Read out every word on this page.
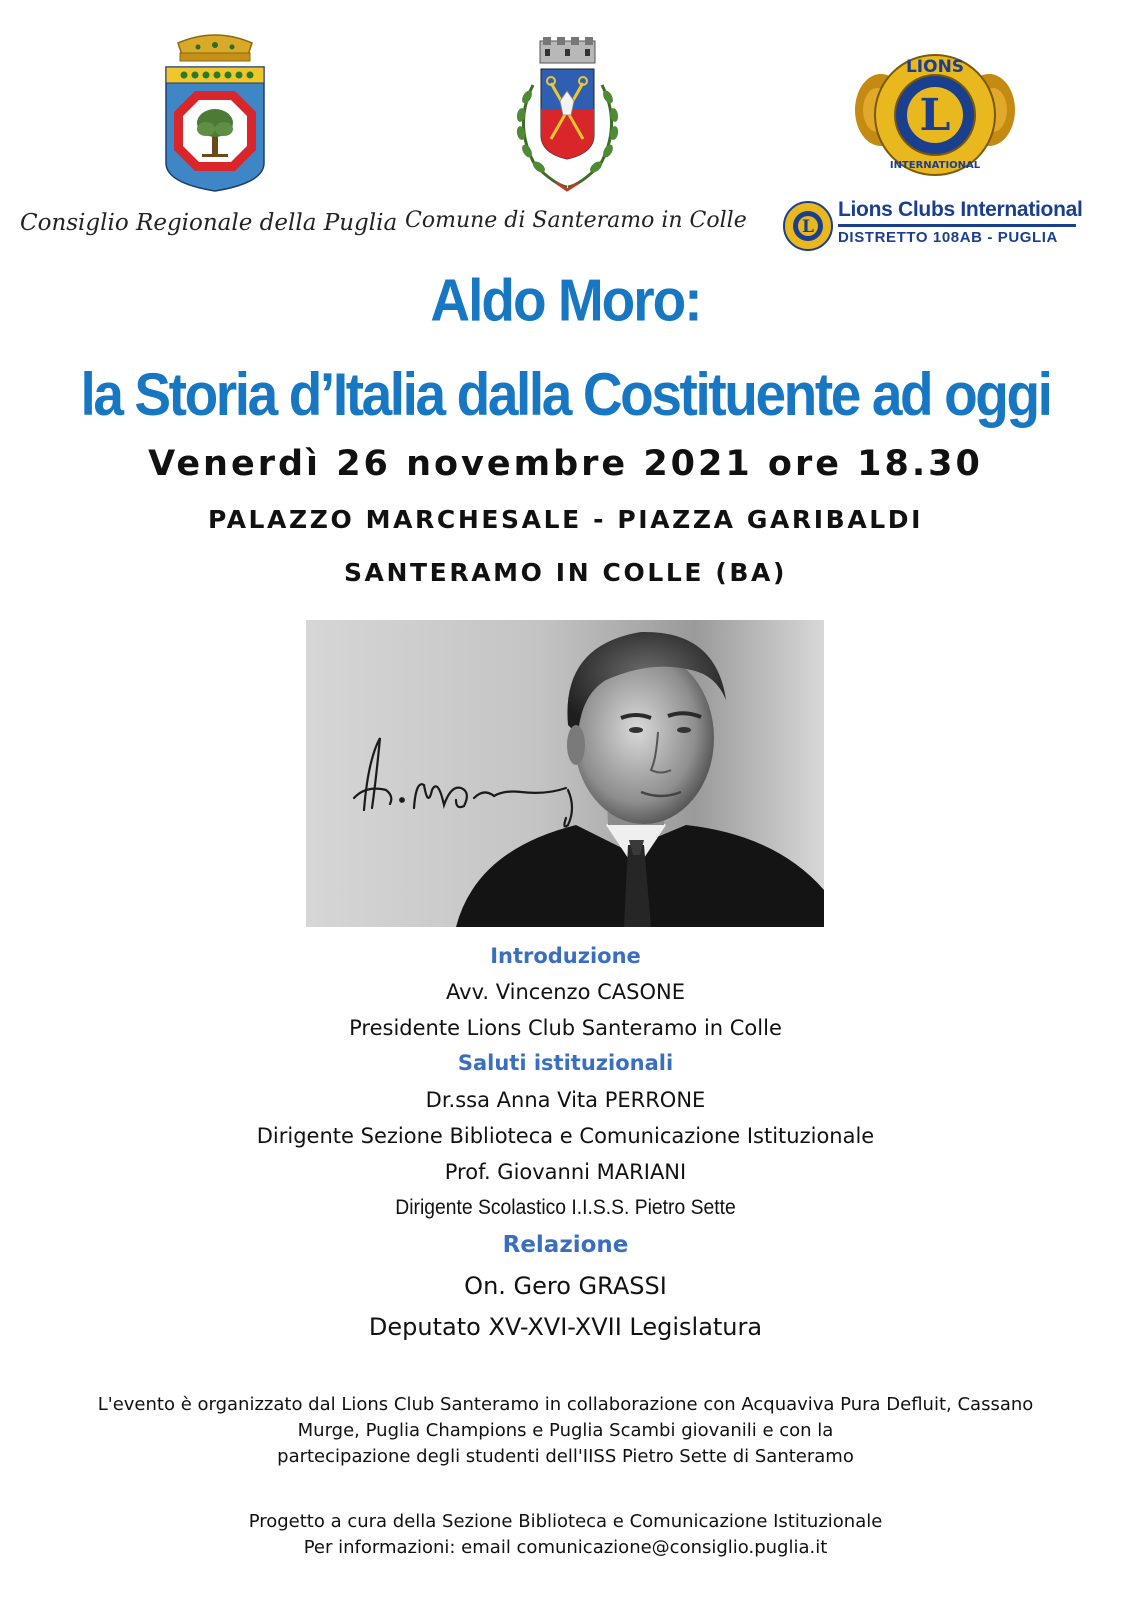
Consiglio Regionale della Puglia Comune di Santeramo in Colle
LIONS
INTERNATIONAL
L
L
Lions Clubs International
DISTRETTO 108AB - PUGLIA
Aldo Moro:
la Storia d’Italia dalla Costituente ad oggi
Venerdì 26 novembre 2021 ore 18.30
PALAZZO MARCHESALE - PIAZZA GARIBALDI
SANTERAMO IN COLLE (BA)
Introduzione
Avv. Vincenzo CASONE
Presidente Lions Club Santeramo in Colle
Saluti istituzionali
Dr.ssa Anna Vita PERRONE
Dirigente Sezione Biblioteca e Comunicazione Istituzionale
Prof. Giovanni MARIANI
Dirigente Scolastico I.I.S.S. Pietro Sette
Relazione
On. Gero GRASSI
Deputato XV-XVI-XVII Legislatura
L'evento è organizzato dal Lions Club Santeramo in collaborazione con Acquaviva Pura Defluit, Cassano
Murge, Puglia Champions e Puglia Scambi giovanili e con la
partecipazione degli studenti dell'IISS Pietro Sette di Santeramo
Progetto a cura della Sezione Biblioteca e Comunicazione Istituzionale
Per informazioni: email comunicazione@consiglio.puglia.it
